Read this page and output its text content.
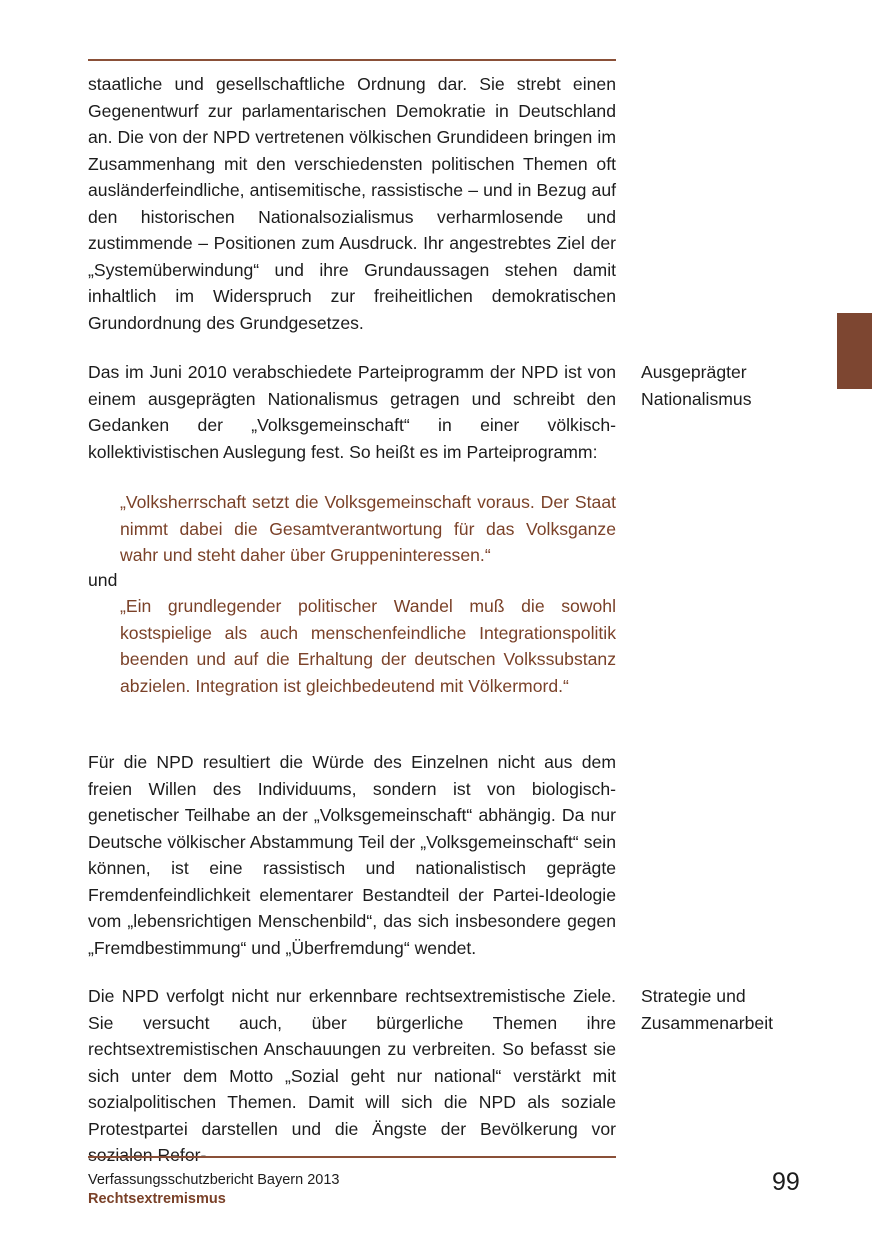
staatliche und gesellschaftliche Ordnung dar. Sie strebt einen Gegenentwurf zur parlamentarischen Demokratie in Deutschland an. Die von der NPD vertretenen völkischen Grundideen bringen im Zusammenhang mit den verschiedensten politischen Themen oft ausländerfeindliche, antisemitische, rassistische – und in Bezug auf den historischen Nationalsozialismus verharmlosende und zustimmende – Positionen zum Ausdruck. Ihr angestrebtes Ziel der „Systemüberwindung“ und ihre Grundaussagen stehen damit inhaltlich im Widerspruch zur freiheitlichen demokratischen Grundordnung des Grundgesetzes.

Das im Juni 2010 verabschiedete Parteiprogramm der NPD ist von einem ausgeprägten Nationalismus getragen und schreibt den Gedanken der „Volksgemeinschaft“ in einer völkisch-kollektivistischen Auslegung fest. So heißt es im Parteiprogramm:

Ausgeprägter
Nationalismus

„Volksherrschaft setzt die Volksgemeinschaft voraus. Der Staat nimmt dabei die Gesamtverantwortung für das Volksganze wahr und steht daher über Gruppeninteressen.“

und

„Ein grundlegender politischer Wandel muß die sowohl kostspielige als auch menschenfeindliche Integrationspolitik beenden und auf die Erhaltung der deutschen Volkssubstanz abzielen. Integration ist gleichbedeutend mit Völkermord.“

Für die NPD resultiert die Würde des Einzelnen nicht aus dem freien Willen des Individuums, sondern ist von biologisch-genetischer Teilhabe an der „Volksgemeinschaft“ abhängig. Da nur Deutsche völkischer Abstammung Teil der „Volksgemeinschaft“ sein können, ist eine rassistisch und nationalistisch geprägte Fremdenfeindlichkeit elementarer Bestandteil der Partei-Ideologie vom „lebensrichtigen Menschenbild“, das sich insbesondere gegen „Fremdbestimmung“ und „Überfremdung“ wendet.

Die NPD verfolgt nicht nur erkennbare rechtsextremistische Ziele. Sie versucht auch, über bürgerliche Themen ihre rechtsextremistischen Anschauungen zu verbreiten. So befasst sie sich unter dem Motto „Sozial geht nur national“ verstärkt mit sozialpolitischen Themen. Damit will sich die NPD als soziale Protestpartei darstellen und die Ängste der Bevölkerung vor sozialen Refor-

Strategie und
Zusammenarbeit
Verfassungsschutzbericht Bayern 2013
Rechtsextremismus
99
